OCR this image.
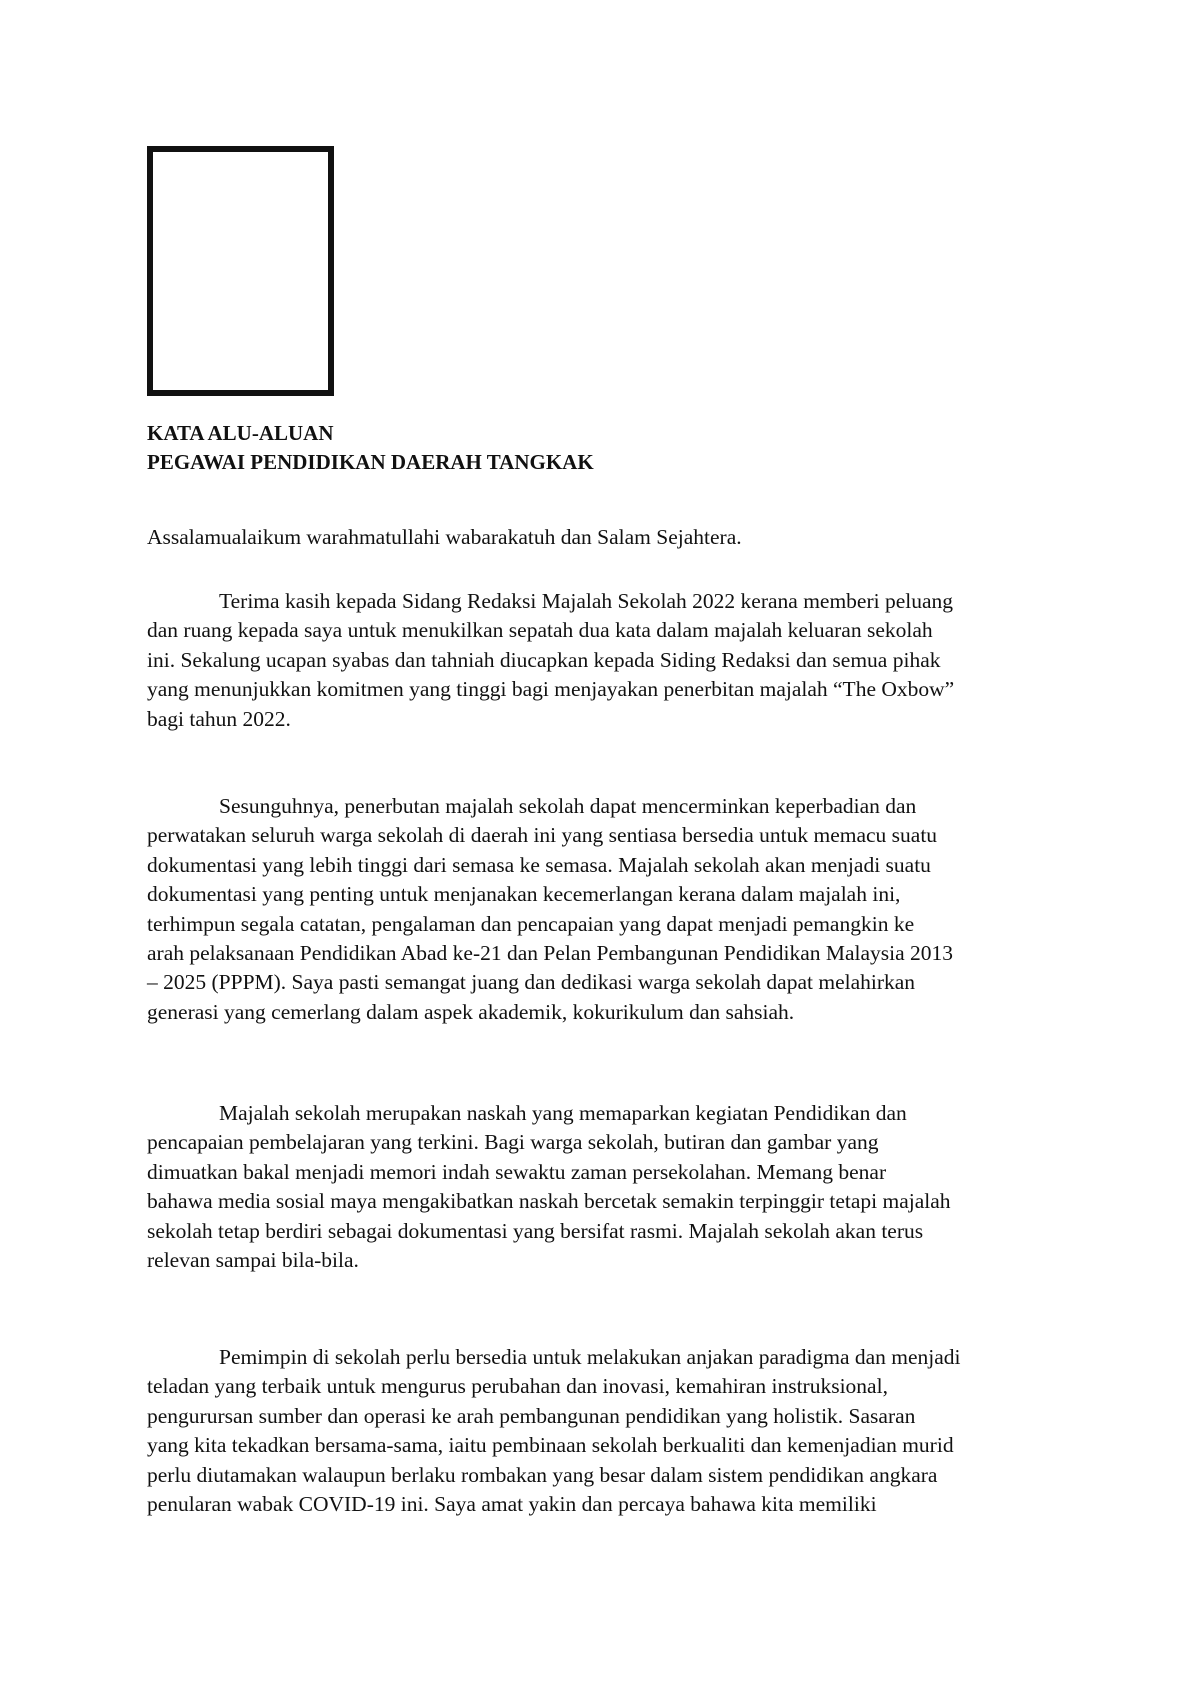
KATA ALU-ALUAN
PEGAWAI PENDIDIKAN DAERAH TANGKAK
Assalamualaikum warahmatullahi wabarakatuh dan Salam Sejahtera.
Terima kasih kepada Sidang Redaksi Majalah Sekolah 2022 kerana memberi peluang
dan ruang kepada saya untuk menukilkan sepatah dua kata dalam majalah keluaran sekolah
ini. Sekalung ucapan syabas dan tahniah diucapkan kepada Siding Redaksi dan semua pihak
yang menunjukkan komitmen yang tinggi bagi menjayakan penerbitan majalah “The Oxbow”
bagi tahun 2022.
Sesunguhnya, penerbutan majalah sekolah dapat mencerminkan keperbadian dan
perwatakan seluruh warga sekolah di daerah ini yang sentiasa bersedia untuk memacu suatu
dokumentasi yang lebih tinggi dari semasa ke semasa. Majalah sekolah akan menjadi suatu
dokumentasi yang penting untuk menjanakan kecemerlangan kerana dalam majalah ini,
terhimpun segala catatan, pengalaman dan pencapaian yang dapat menjadi pemangkin ke
arah pelaksanaan Pendidikan Abad ke-21 dan Pelan Pembangunan Pendidikan Malaysia 2013
– 2025 (PPPM). Saya pasti semangat juang dan dedikasi warga sekolah dapat melahirkan
generasi yang cemerlang dalam aspek akademik, kokurikulum dan sahsiah.
Majalah sekolah merupakan naskah yang memaparkan kegiatan Pendidikan dan
pencapaian pembelajaran yang terkini. Bagi warga sekolah, butiran dan gambar yang
dimuatkan bakal menjadi memori indah sewaktu zaman persekolahan. Memang benar
bahawa media sosial maya mengakibatkan naskah bercetak semakin terpinggir tetapi majalah
sekolah tetap berdiri sebagai dokumentasi yang bersifat rasmi. Majalah sekolah akan terus
relevan sampai bila-bila.
Pemimpin di sekolah perlu bersedia untuk melakukan anjakan paradigma dan menjadi
teladan yang terbaik untuk mengurus perubahan dan inovasi, kemahiran instruksional,
pengurursan sumber dan operasi ke arah pembangunan pendidikan yang holistik. Sasaran
yang kita tekadkan bersama-sama, iaitu pembinaan sekolah berkualiti dan kemenjadian murid
perlu diutamakan walaupun berlaku rombakan yang besar dalam sistem pendidikan angkara
penularan wabak COVID-19 ini. Saya amat yakin dan percaya bahawa kita memiliki
